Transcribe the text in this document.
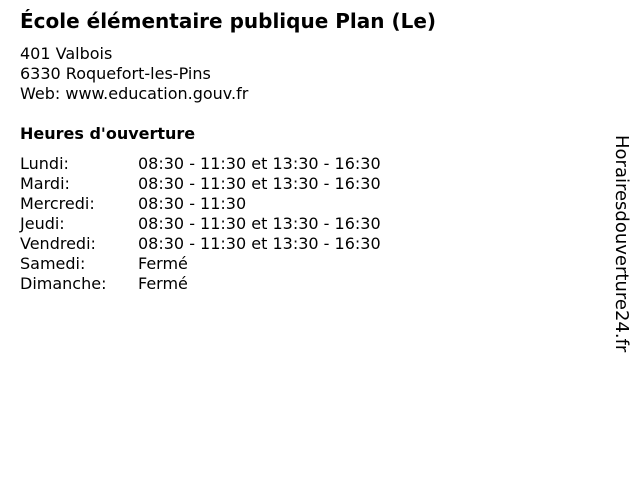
École élémentaire publique Plan (Le)
401 Valbois
6330 Roquefort-les-Pins
Web: www.education.gouv.fr
Heures d'ouverture
Lundi:	08:30 - 11:30 et 13:30 - 16:30
Mardi:	08:30 - 11:30 et 13:30 - 16:30
Mercredi:	08:30 - 11:30
Jeudi:	08:30 - 11:30 et 13:30 - 16:30
Vendredi:	08:30 - 11:30 et 13:30 - 16:30
Samedi:	Fermé
Dimanche:	Fermé	Horairesdouverture24.fr
